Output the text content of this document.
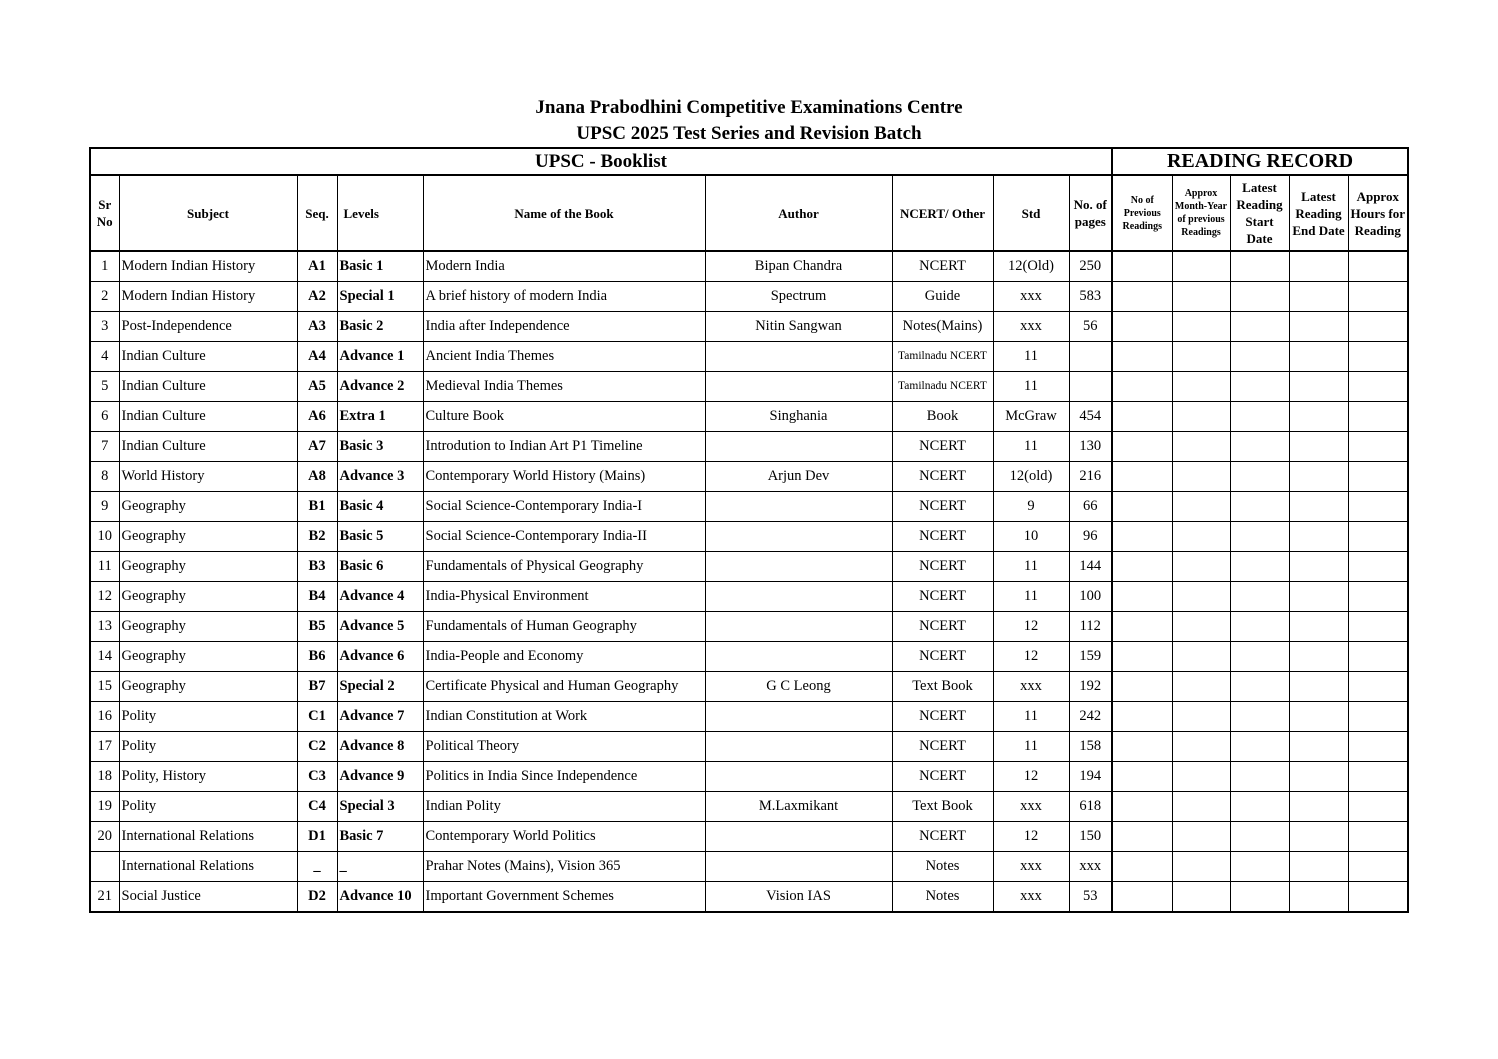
Jnana Prabodhini Competitive Examinations Centre
UPSC 2025 Test Series and Revision Batch
UPSC - Booklist									READING RECORD				
Sr No	Subject	Seq.	Levels	Name of the Book	Author	NCERT/ Other	Std	No. of pages	No of Previous Readings	Approx Month-Year of previous Readings	Latest Reading Start Date	Latest Reading End Date	Approx Hours for Reading
1	Modern Indian History	A1	Basic 1	Modern India	Bipan Chandra	NCERT	12(Old)	250					
2	Modern Indian History	A2	Special 1	A brief history of modern India	Spectrum	Guide	xxx	583					
3	Post-Independence	A3	Basic 2	India after Independence	Nitin Sangwan	Notes(Mains)	xxx	56					
4	Indian Culture	A4	Advance 1	Ancient India Themes		Tamilnadu NCERT	11						
5	Indian Culture	A5	Advance 2	Medieval India Themes		Tamilnadu NCERT	11						
6	Indian Culture	A6	Extra 1	Culture Book	Singhania	Book	McGraw	454					
7	Indian Culture	A7	Basic 3	Introdution to Indian Art P1 Timeline		NCERT	11	130					
8	World History	A8	Advance 3	Contemporary World History (Mains)	Arjun Dev	NCERT	12(old)	216					
9	Geography	B1	Basic 4	Social Science-Contemporary India-I		NCERT	9	66					
10	Geography	B2	Basic 5	Social Science-Contemporary India-II		NCERT	10	96					
11	Geography	B3	Basic 6	Fundamentals of Physical Geography		NCERT	11	144					
12	Geography	B4	Advance 4	India-Physical Environment		NCERT	11	100					
13	Geography	B5	Advance 5	Fundamentals of Human Geography		NCERT	12	112					
14	Geography	B6	Advance 6	India-People and Economy		NCERT	12	159					
15	Geography	B7	Special 2	Certificate Physical and Human Geography	G C Leong	Text Book	xxx	192					
16	Polity	C1	Advance 7	Indian Constitution at Work		NCERT	11	242					
17	Polity	C2	Advance 8	Political Theory		NCERT	11	158					
18	Polity, History	C3	Advance 9	Politics in India Since Independence		NCERT	12	194					
19	Polity	C4	Special 3	Indian Polity	M.Laxmikant	Text Book	xxx	618					
20	International Relations	D1	Basic 7	Contemporary World Politics		NCERT	12	150					
	International Relations	_	_	Prahar Notes (Mains), Vision 365		Notes	xxx	xxx					
21	Social Justice	D2	Advance 10	Important Government Schemes	Vision IAS	Notes	xxx	53					
